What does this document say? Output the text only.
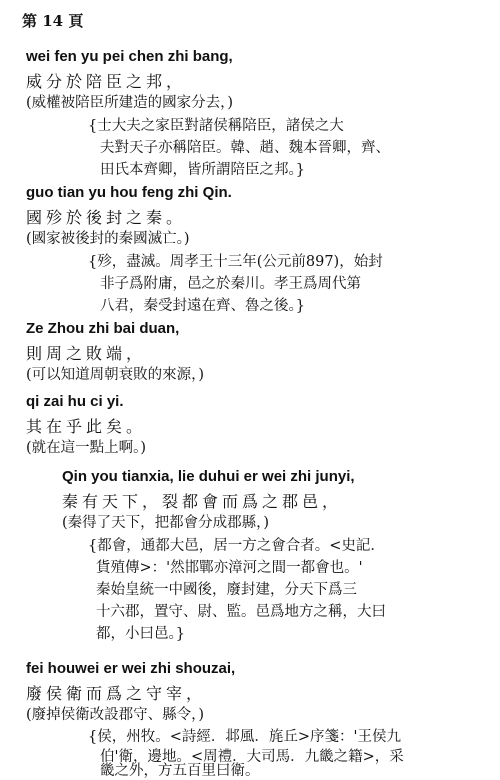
第 14 頁
wei fen yu pei chen zhi bang,
威分於陪臣之邦，
(威權被陪臣所建造的國家分去，)
{士大夫之家臣對諸侯稱陪臣，諸侯之大
夫對天子亦稱陪臣。韓、趙、魏本晉卿，齊、
田氏本齊卿，皆所謂陪臣之邦。}
guo tian yu hou feng zhi Qin.
國殄於後封之秦。
(國家被後封的秦國滅亡。)
{殄，盡滅。周孝王十三年(公元前897)，始封
非子爲附庸，邑之於秦川。孝王爲周代第
八君，秦受封遠在齊、魯之後。}
Ze Zhou zhi bai duan,
則周之敗端，
(可以知道周朝衰敗的來源，)
qi zai hu ci yi.
其在乎此矣。
(就在這一點上啊。)
Qin you tianxia, lie duhui er wei zhi junyi,
秦有天下，裂都會而爲之郡邑，
(秦得了天下，把都會分成郡縣，)
{都會，通都大邑，居一方之會合者。<史記．
貨殖傳>：'然邯鄲亦漳河之間一都會也。'
秦始皇統一中國後，廢封建，分天下爲三
十六郡，置守、尉、監。邑爲地方之稱，大曰
都，小曰邑。}
fei houwei er wei zhi shouzai,
廢侯衛而爲之守宰，
(廢掉侯衛改設郡守、縣令，)
{侯，州牧。<詩經．邶風．旄丘>序箋：'王侯九
伯'衛，邊地。<周禮．大司馬．九畿之籍>，采
畿之外，方五百里曰衛。
